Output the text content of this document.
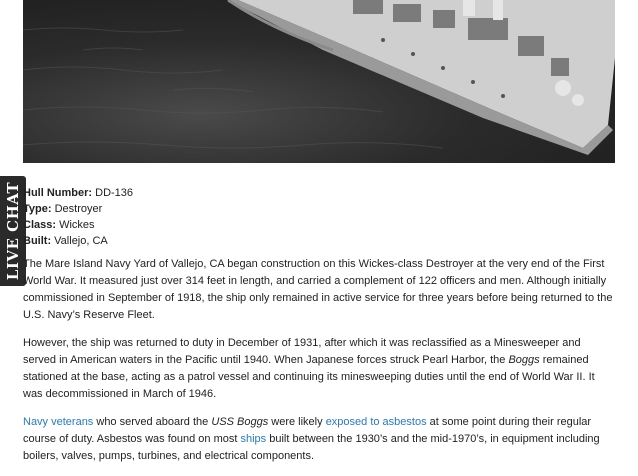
LIVE CHAT Hull Number: DD-136
Type: Destroyer
Class: Wickes
Built: Vallejo, CA

The Mare Island Navy Yard of Vallejo, CA began construction on this Wickes-class Destroyer at the very end of the First World War. It measured just over 314 feet in length, and carried a complement of 122 officers and men. Although initially commissioned in September of 1918, the ship only remained in active service for three years before being returned to the U.S. Navy’s Reserve Fleet.

However, the ship was returned to duty in December of 1931, after which it was reclassified as a Minesweeper and served in American waters in the Pacific until 1940. When Japanese forces struck Pearl Harbor, the Boggs remained stationed at the base, acting as a patrol vessel and continuing its minesweeping duties until the end of World War II. It was decommissioned in March of 1946.

Navy veterans who served aboard the USS Boggs were likely exposed to asbestos at some point during their regular course of duty. Asbestos was found on most ships built between the 1930’s and the mid-1970’s, in equipment including boilers, valves, pumps, turbines, and electrical components.
